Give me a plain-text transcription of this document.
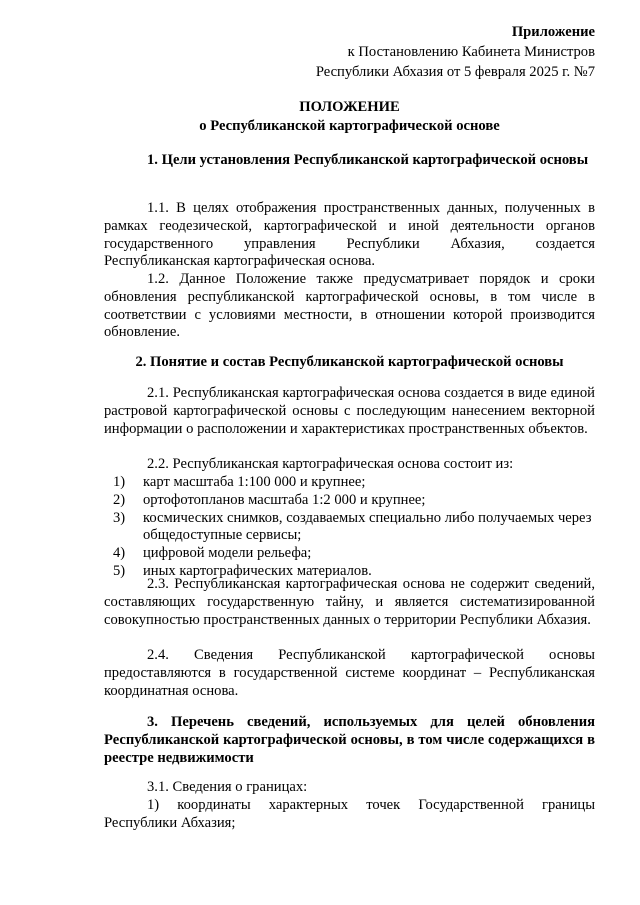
Приложение
к Постановлению Кабинета Министров
Республики Абхазия от 5 февраля 2025 г. №7
ПОЛОЖЕНИЕ
о Республиканской картографической основе

1. Цели установления Республиканской картографической основы

1.1. В целях отображения пространственных данных, полученных в рамках геодезической, картографической и иной деятельности органов государственного управления Республики Абхазия, создается Республиканская картографическая основа.

1.2. Данное Положение также предусматривает порядок и сроки обновления республиканской картографической основы, в том числе в соответствии с условиями местности, в отношении которой производится обновление.

2. Понятие и состав Республиканской картографической основы

2.1. Республиканская картографическая основа создается в виде единой растровой картографической основы с последующим нанесением векторной информации о расположении и характеристиках пространственных объектов.

2.2. Республиканская картографическая основа состоит из:

1)	карт масштаба 1:100 000 и крупнее;
2)	ортофотопланов масштаба 1:2 000 и крупнее;
3)	космических снимков, создаваемых специально либо получаемых через общедоступные сервисы;
4)	цифровой модели рельефа;
5)	иных картографических материалов.

2.3. Республиканская картографическая основа не содержит сведений, составляющих государственную тайну, и является систематизированной совокупностью пространственных данных о территории Республики Абхазия.

2.4. Сведения Республиканской картографической основы предоставляются в государственной системе координат – Республиканская координатная основа.

3. Перечень сведений, используемых для целей обновления Республиканской картографической основы, в том числе содержащихся в реестре недвижимости

3.1. Сведения о границах:

1) координаты характерных точек Государственной границы Республики Абхазия;
